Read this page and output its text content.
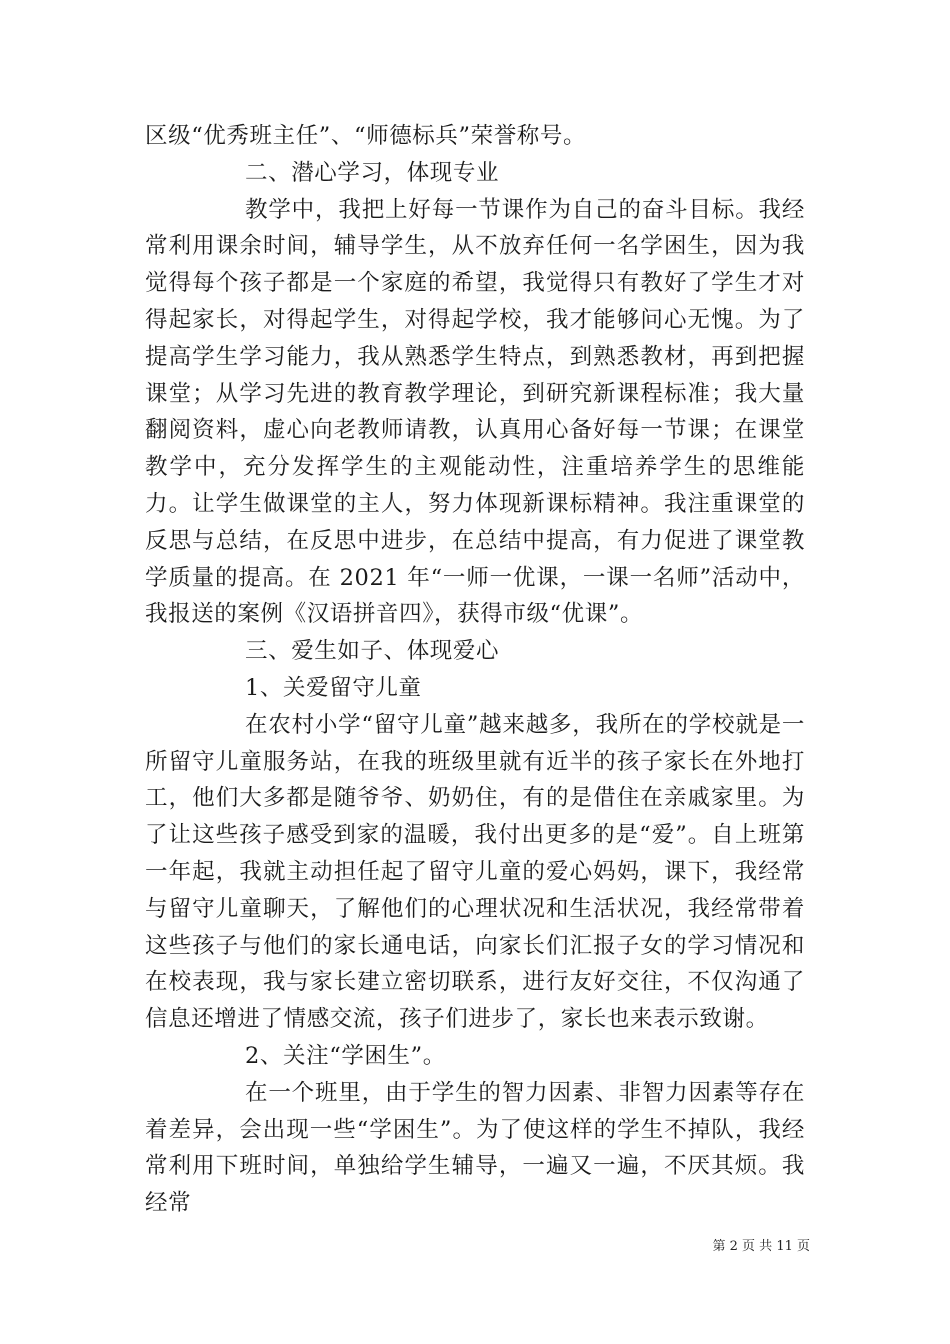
区级“优秀班主任”、“师德标兵”荣誉称号。

二、潜心学习，体现专业

教学中，我把上好每一节课作为自己的奋斗目标。我经常利用课余时间，辅导学生，从不放弃任何一名学困生，因为我觉得每个孩子都是一个家庭的希望，我觉得只有教好了学生才对得起家长，对得起学生，对得起学校，我才能够问心无愧。为了提高学生学习能力，我从熟悉学生特点，到熟悉教材，再到把握课堂；从学习先进的教育教学理论，到研究新课程标准；我大量翻阅资料，虚心向老教师请教，认真用心备好每一节课；在课堂教学中，充分发挥学生的主观能动性，注重培养学生的思维能力。让学生做课堂的主人，努力体现新课标精神。我注重课堂的反思与总结，在反思中进步，在总结中提高，有力促进了课堂教学质量的提高。在 2021 年“一师一优课，一课一名师”活动中，我报送的案例《汉语拼音四》，获得市级“优课”。

三、爱生如子、体现爱心

1、关爱留守儿童

在农村小学“留守儿童”越来越多，我所在的学校就是一所留守儿童服务站，在我的班级里就有近半的孩子家长在外地打工，他们大多都是随爷爷、奶奶住，有的是借住在亲戚家里。为了让这些孩子感受到家的温暖，我付出更多的是“爱”。自上班第一年起，我就主动担任起了留守儿童的爱心妈妈，课下，我经常与留守儿童聊天，了解他们的心理状况和生活状况，我经常带着这些孩子与他们的家长通电话，向家长们汇报子女的学习情况和在校表现，我与家长建立密切联系，进行友好交往，不仅沟通了信息还增进了情感交流，孩子们进步了，家长也来表示致谢。

2、关注“学困生”。

在一个班里，由于学生的智力因素、非智力因素等存在着差异，会出现一些“学困生”。为了使这样的学生不掉队，我经常利用下班时间，单独给学生辅导，一遍又一遍，不厌其烦。我经常

第 2 页 共 11 页
